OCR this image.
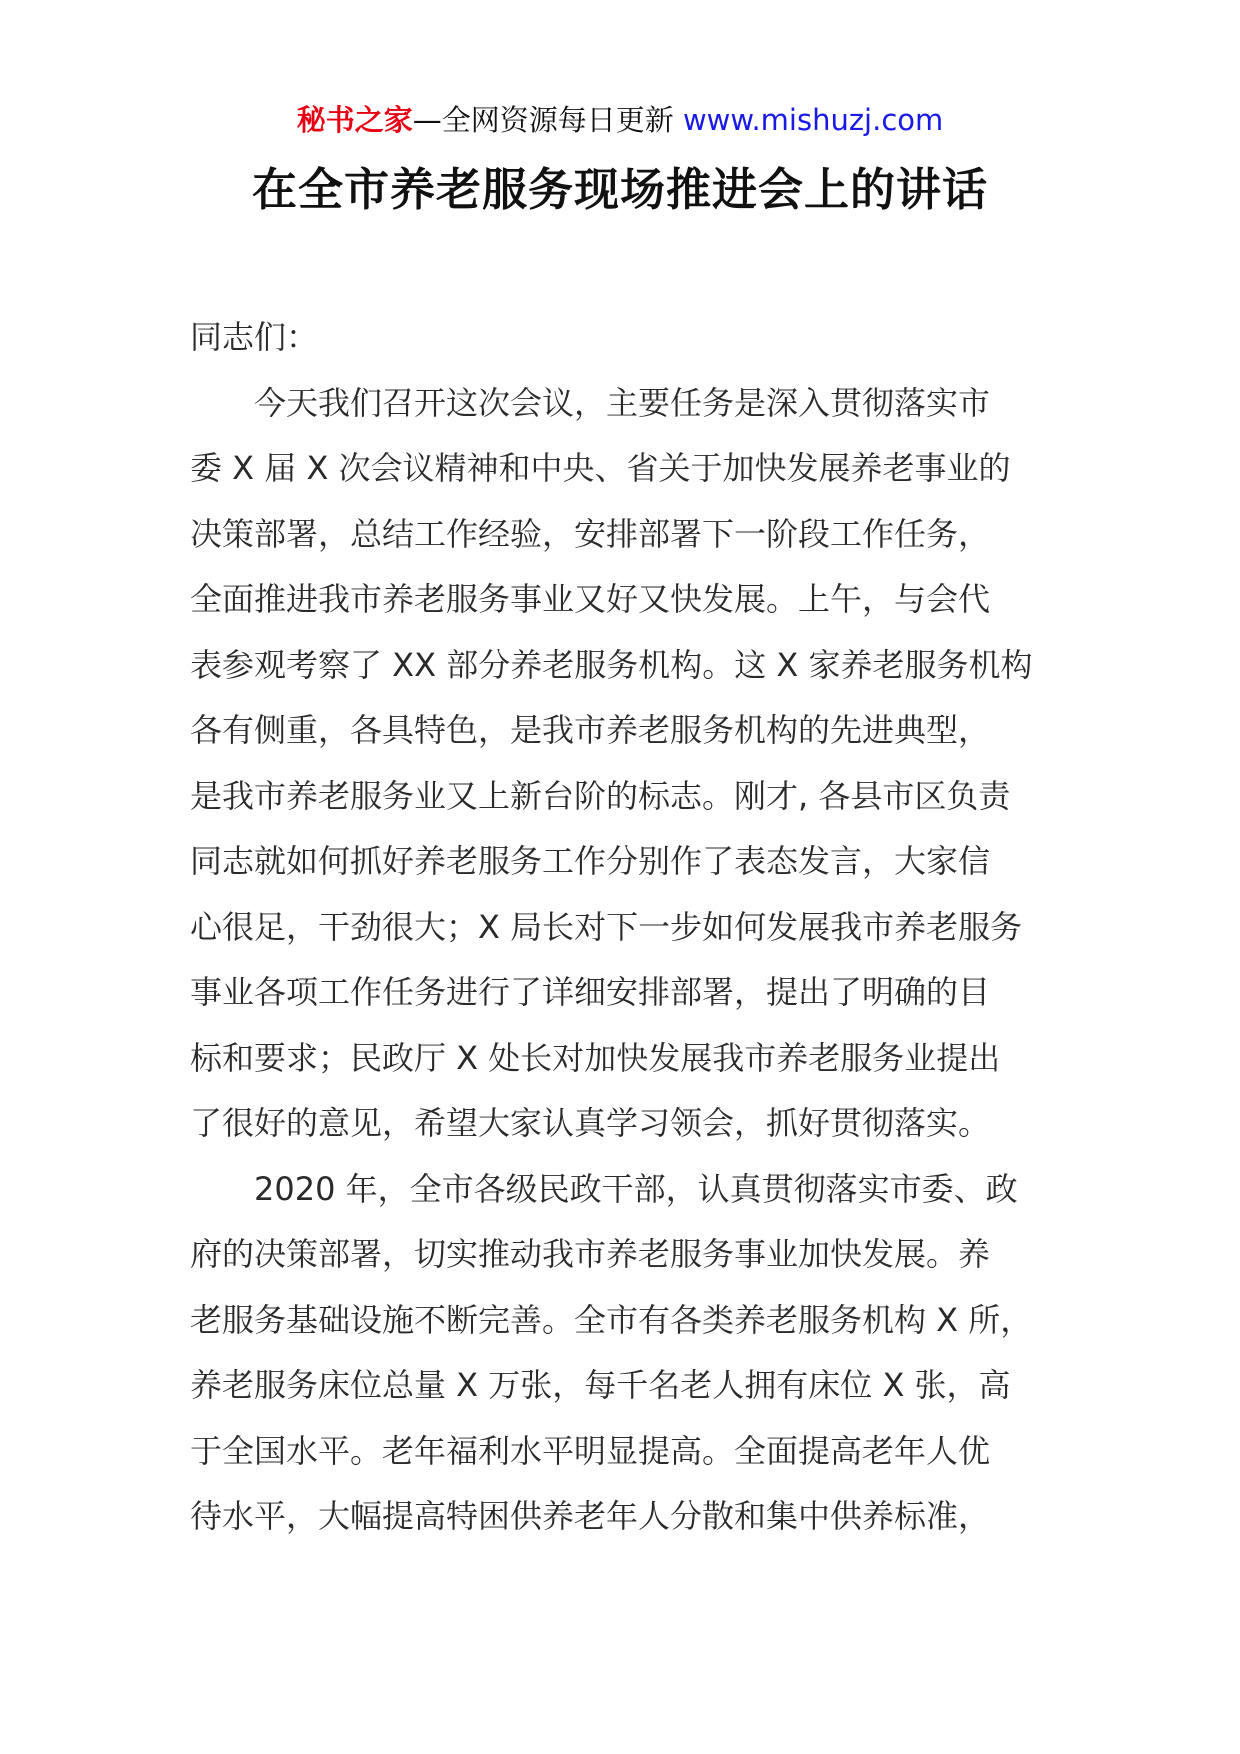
秘书之家—全网资源每日更新 www.mishuzj.com
在全市养老服务现场推进会上的讲话

同志们：

今天我们召开这次会议，主要任务是深入贯彻落实市
委 X 届 X 次会议精神和中央、省关于加快发展养老事业的
决策部署，总结工作经验，安排部署下一阶段工作任务，
全面推进我市养老服务事业又好又快发展。上午，与会代
表参观考察了 XX 部分养老服务机构。这 X 家养老服务机构
各有侧重，各具特色，是我市养老服务机构的先进典型，
是我市养老服务业又上新台阶的标志。刚才, 各县市区负责
同志就如何抓好养老服务工作分别作了表态发言，大家信
心很足，干劲很大；X 局长对下一步如何发展我市养老服务
事业各项工作任务进行了详细安排部署，提出了明确的目
标和要求；民政厅 X 处长对加快发展我市养老服务业提出
了很好的意见，希望大家认真学习领会，抓好贯彻落实。

2020 年，全市各级民政干部，认真贯彻落实市委、政
府的决策部署，切实推动我市养老服务事业加快发展。养
老服务基础设施不断完善。全市有各类养老服务机构 X 所，
养老服务床位总量 X 万张，每千名老人拥有床位 X 张，高
于全国水平。老年福利水平明显提高。全面提高老年人优
待水平，大幅提高特困供养老年人分散和集中供养标准，
